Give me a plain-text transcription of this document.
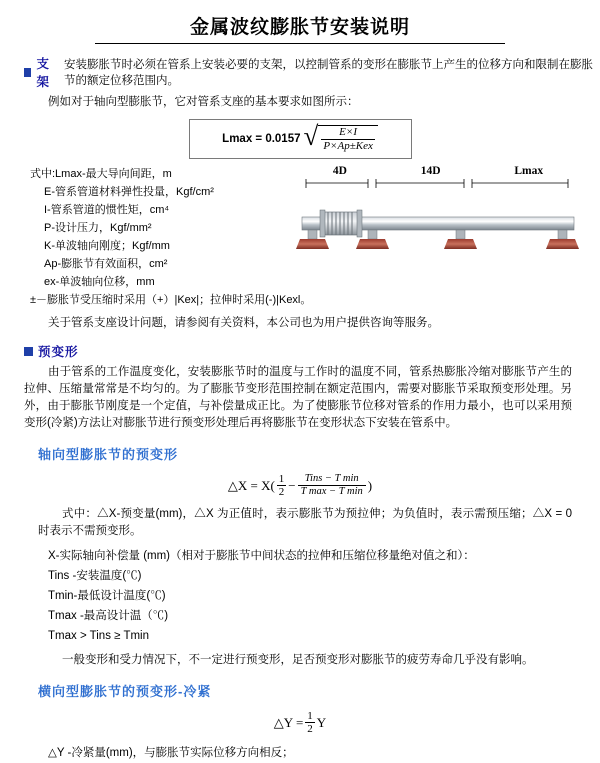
金属波纹膨胀节安装说明
支架
安装膨胀节时必须在管系上安装必要的支架，以控制管系的变形在膨胀节上产生的位移方向和限制在膨胀节的额定位移范围内。
例如对于轴向型膨胀节，它对管系支座的基本要求如图所示：
Lmax = 0.0157 √ $\frac{E\times I}{\text{P×Ap±Kex}}$
式中:Lmax-最大导向间距，m
E-管系管道材料弹性投量，Kgf/cm²
I-管系管道的惯性矩，cm⁴
P-设计压力，Kgf/mm²
K-单波轴向刚度；Kgf/mm
Ap-膨胀节有效面积，cm²
ex-单波轴向位移，mm
±－膨胀节受压缩时采用（+）|Kex|；拉伸时采用(-)|Kexl。
4D	14D	Lmax
关于管系支座设计问题，请参阅有关资料，本公司也为用户提供咨询等服务。
预变形
由于管系的工作温度变化，安装膨胀节时的温度与工作时的温度不同，管系热膨胀冷缩对膨胀节产生的拉伸、压缩量常常是不均匀的。为了膨胀节变形范围控制在额定范围内，需要对膨胀节采取预变形处理。另外，由于膨胀节刚度是一个定值，与补偿量成正比。为了使膨胀节位移对管系的作用力最小，也可以采用预变形(冷紧)方法让对膨胀节进行预变形处理后再将膨胀节在变形状态下安装在管系中。
轴向型膨胀节的预变形
△X = $X( \frac{1}{2} - \frac{\text{Tins − T min}}{\text{T max − T min}}$ )
式中：△X-预变量(mm)，△X 为正值时，表示膨胀节为预拉伸；为负值时，表示需预压缩；△X = 0 时表示不需预变形。
X-实际轴向补偿量 (mm)（相对于膨胀节中间状态的拉伸和压缩位移量绝对值之和）：
Tins -安装温度(℃)
Tmin-最低设计温度(℃)
Tmax -最高设计温（℃)
Tmax > Tins ≥ Tmin
一般变形和受力情况下，不一定进行预变形，足否预变形对膨胀节的疲劳寿命几乎没有影响。
横向型膨胀节的预变形-冷紧
△Y = $\frac{1}{2}$ Y
△Y -冷紧量(mm)，与膨胀节实际位移方向相反；
